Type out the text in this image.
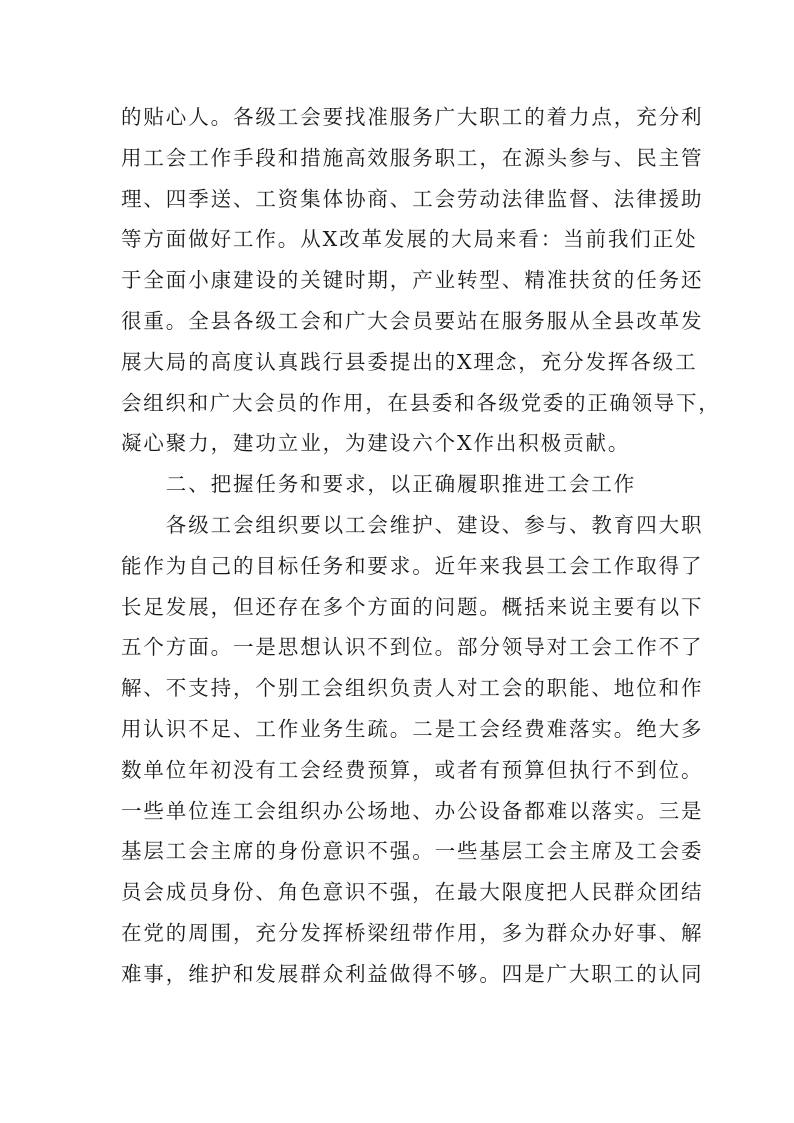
的贴心人。各级工会要找准服务广大职工的着力点，充分利
用工会工作手段和措施高效服务职工，在源头参与、民主管
理、四季送、工资集体协商、工会劳动法律监督、法律援助
等方面做好工作。从X改革发展的大局来看：当前我们正处
于全面小康建设的关键时期，产业转型、精准扶贫的任务还
很重。全县各级工会和广大会员要站在服务服从全县改革发
展大局的高度认真践行县委提出的X理念，充分发挥各级工
会组织和广大会员的作用，在县委和各级党委的正确领导下，
凝心聚力，建功立业，为建设六个X作出积极贡献。
　　二、把握任务和要求，以正确履职推进工会工作
　　各级工会组织要以工会维护、建设、参与、教育四大职
能作为自己的目标任务和要求。近年来我县工会工作取得了
长足发展，但还存在多个方面的问题。概括来说主要有以下
五个方面。一是思想认识不到位。部分领导对工会工作不了
解、不支持，个别工会组织负责人对工会的职能、地位和作
用认识不足、工作业务生疏。二是工会经费难落实。绝大多
数单位年初没有工会经费预算，或者有预算但执行不到位。
一些单位连工会组织办公场地、办公设备都难以落实。三是
基层工会主席的身份意识不强。一些基层工会主席及工会委
员会成员身份、角色意识不强，在最大限度把人民群众团结
在党的周围，充分发挥桥梁纽带作用，多为群众办好事、解
难事，维护和发展群众利益做得不够。四是广大职工的认同
